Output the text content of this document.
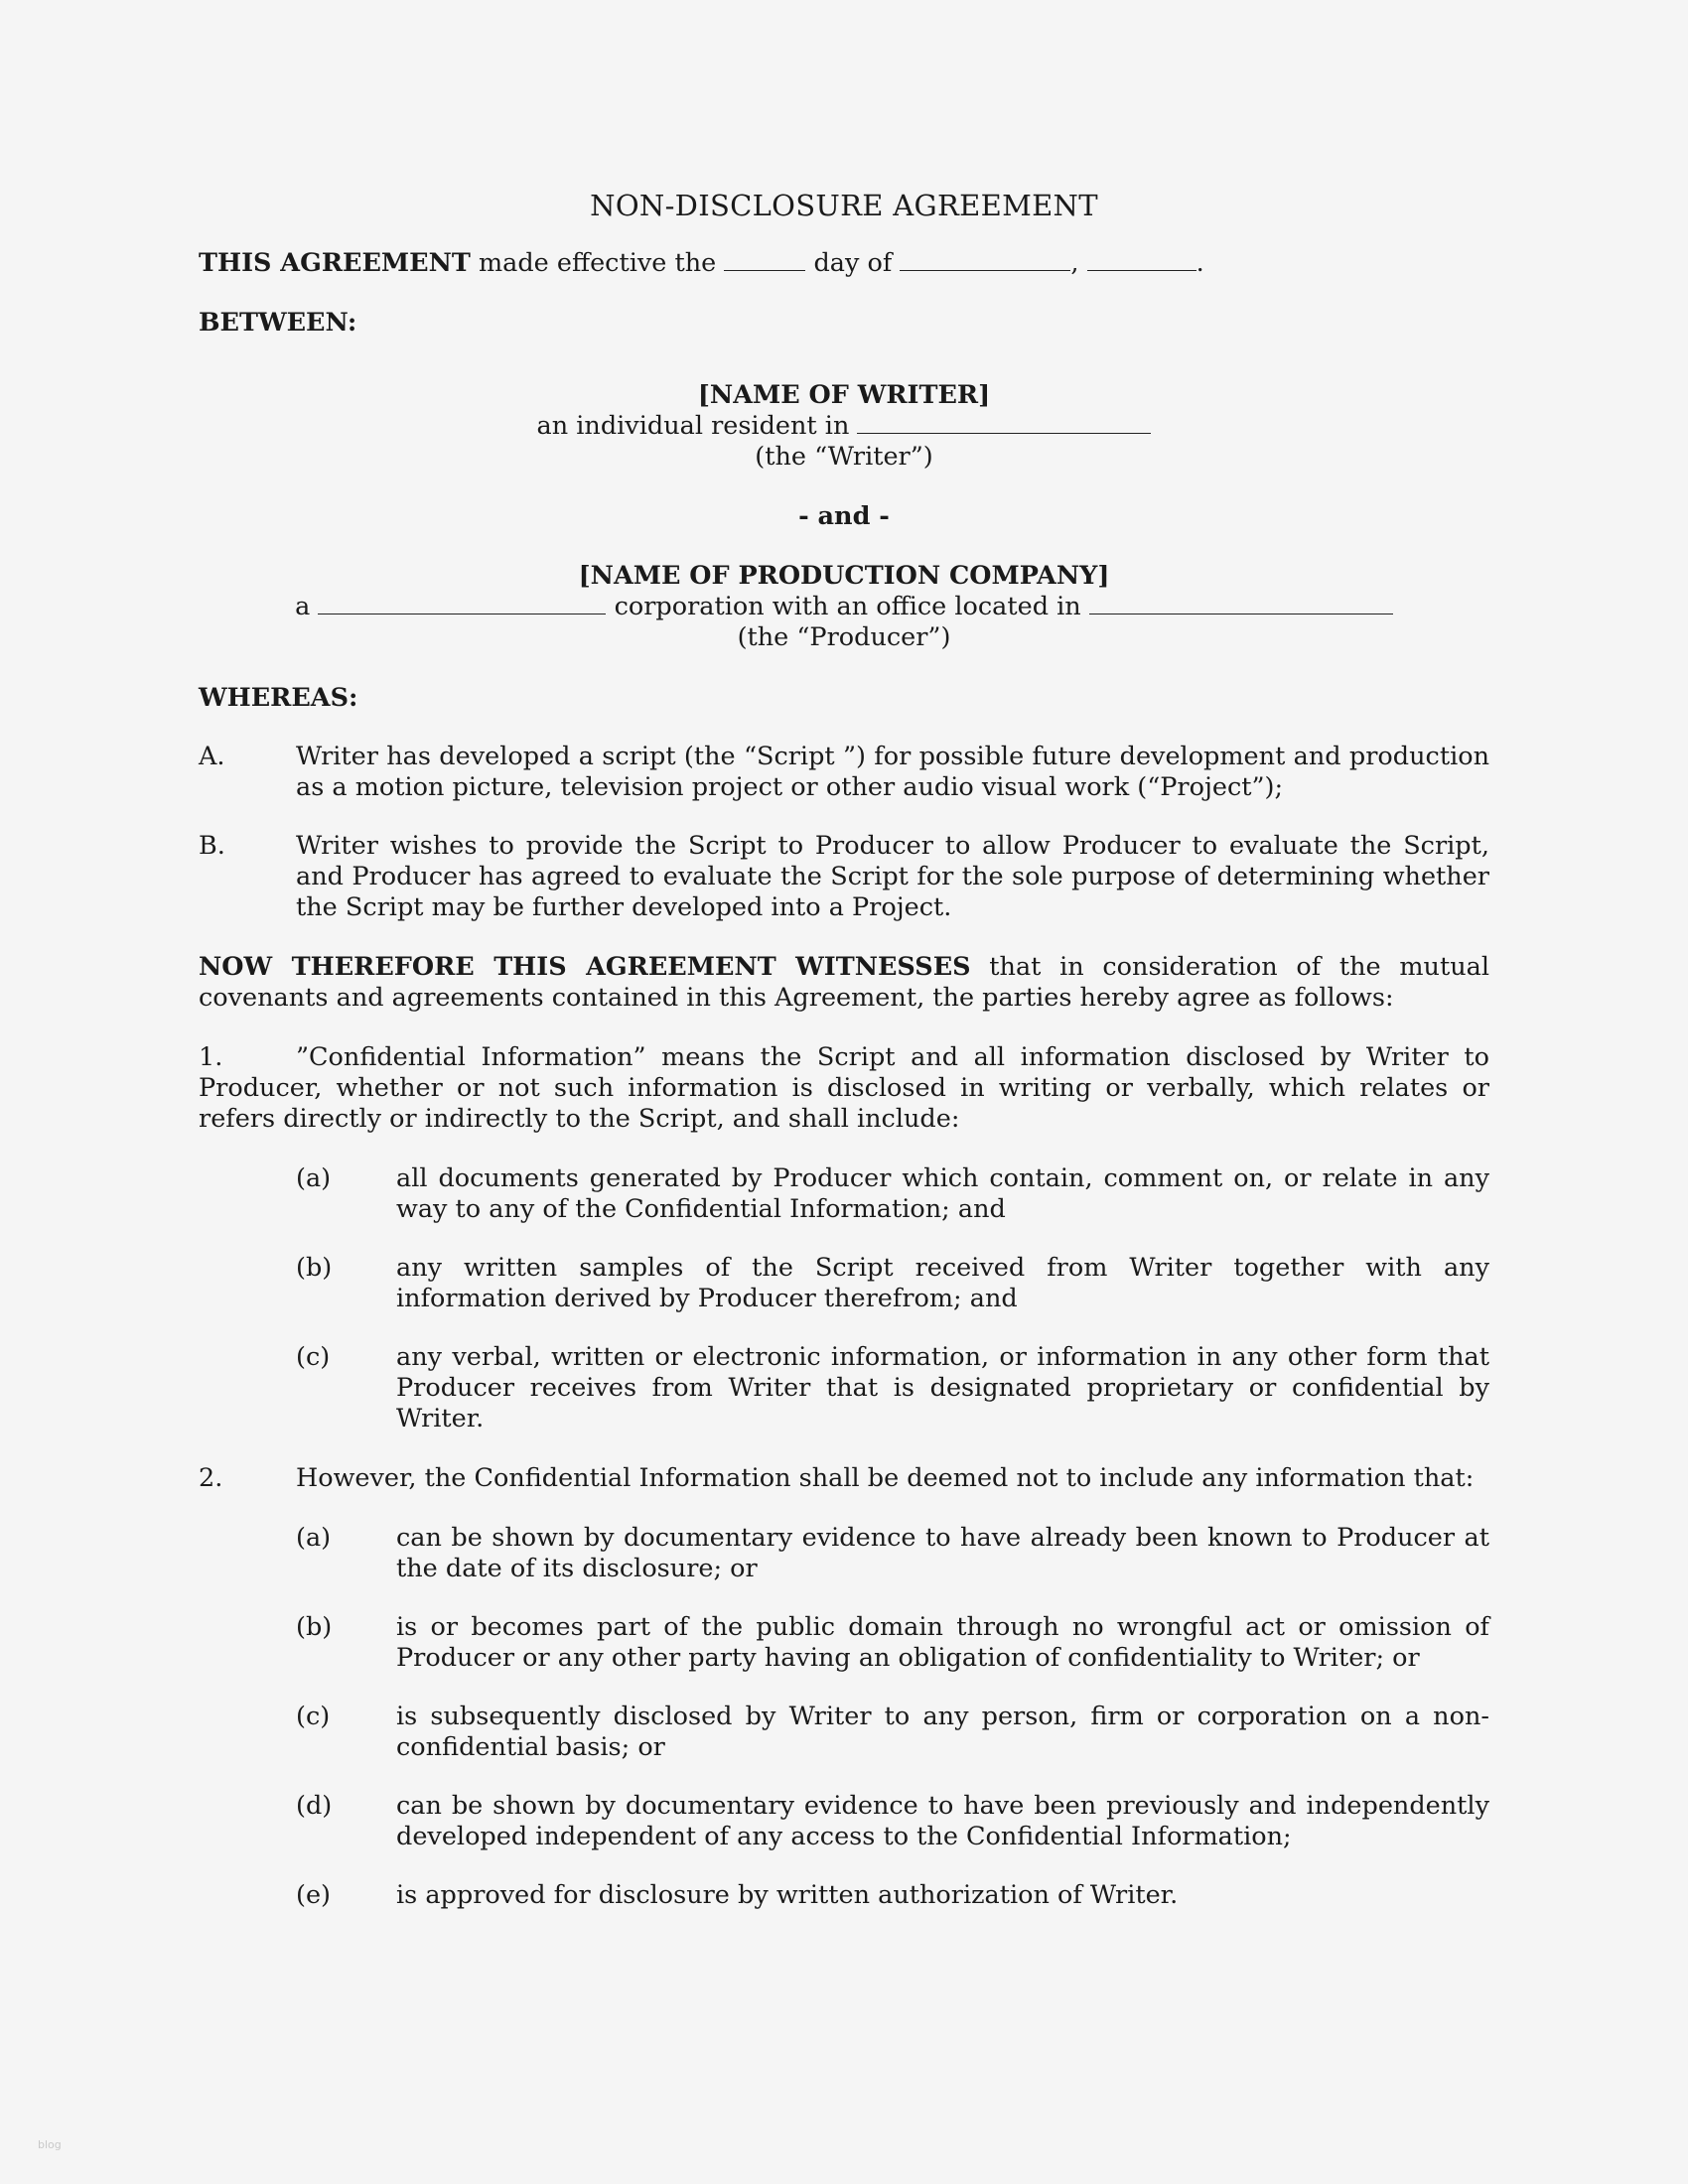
NON-DISCLOSURE AGREEMENT

THIS AGREEMENT made effective the	day of	,	.

BETWEEN:

[NAME OF WRITER]

an individual resident in

(the “Writer”)

- and -

[NAME OF PRODUCTION COMPANY]

a	corporation with an office located in

(the “Producer”)

WHEREAS:

A.	Writer has developed a script (the “Script ”) for possible future development and production as a motion picture, television project or other audio visual work (“Project”);
B.	Writer wishes to provide the Script to Producer to allow Producer to evaluate the Script, and Producer has agreed to evaluate the Script for the sole purpose of determining whether the Script may be further developed into a Project.

NOW THEREFORE THIS AGREEMENT WITNESSES that in consideration of the mutual covenants and agreements contained in this Agreement, the parties hereby agree as follows:

1.	”Confidential Information” means the Script and all information disclosed by Writer to Producer, whether or not such information is disclosed in writing or verbally, which relates or refers directly or indirectly to the Script, and shall include:

(a)	all documents generated by Producer which contain, comment on, or relate in any way to any of the Confidential Information; and
(b)	any written samples of the Script received from Writer together with any information derived by Producer therefrom; and
(c)	any verbal, written or electronic information, or information in any other form that Producer receives from Writer that is designated proprietary or confidential by Writer.
2.	However, the Confidential Information shall be deemed not to include any information that:
(a)	can be shown by documentary evidence to have already been known to Producer at the date of its disclosure; or
(b)	is or becomes part of the public domain through no wrongful act or omission of Producer or any other party having an obligation of confidentiality to Writer; or
(c)	is subsequently disclosed by Writer to any person, firm or corporation on a non-confidential basis; or
(d)	can be shown by documentary evidence to have been previously and independently developed independent of any access to the Confidential Information;
(e)	is approved for disclosure by written authorization of Writer.
blog
